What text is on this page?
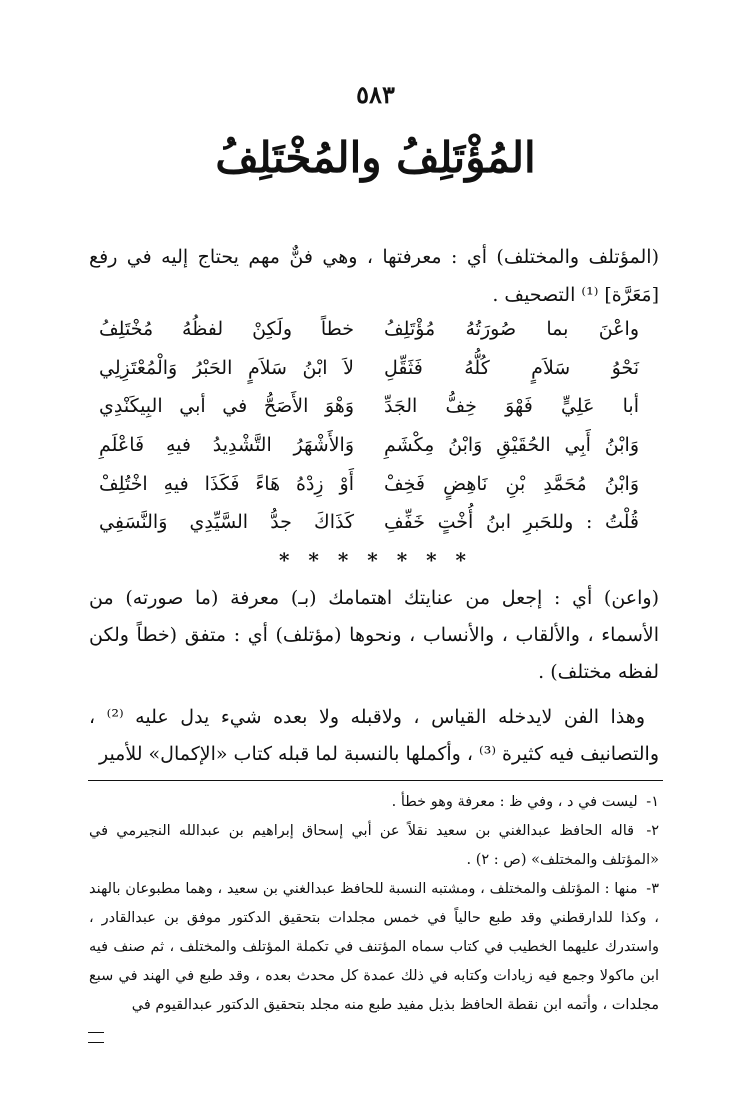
٥٨٣
المُؤْتَلِفُ والمُخْتَلِفُ
(المؤتلف والمختلف) أي : معرفتها ، وهي فنٌّ مهم يحتاج إليه في رفع [مَعَرَّة] ⁽¹⁾ التصحيف .
واعْنَ بما صُورَتُهُ مُؤْتَلِفُ
خطاً ولَكِنْ لفظُهُ مُخْتَلِفُ
نَحْوُ سَلاَمٍ كُلُّهُ فَثَقِّلِ
لاَ ابْنُ سَلاَمٍ الحَبْرُ وَالْمُعْتَزِلِي
أبا عَلِيٍّ فَهْوَ خِفُّ الجَدِّ
وَهْوَ الأَصَحُّ في أبي البِيكَنْدِي
وَابْنُ أَبِي الحُقَيْقِ وَابْنُ مِكْشَمِ
وَالأَشْهَرُ التَّشْدِيدُ فيهِ فَاعْلَمِ
وَابْنُ مُحَمَّدِ بْنِ نَاهِضٍ فَخِفْ
أَوْ زِدْهُ هَاءً فَكَذَا فيهِ اخْتُلِفْ
قُلْتُ : وللحَبرِ ابنُ أُخْتٍ خَفِّفِ
كَذَاكَ جدُّ السَّيِّدِي وَالنَّسَفِي
* * * * * * *

(واعن) أي : إجعل من عنايتك اهتمامك (بـ) معرفة (ما صورته) من الأسماء ، والألقاب ، والأنساب ، ونحوها (مؤتلف) أي : متفق (خطاً ولكن لفظه مختلف) .

وهذا الفن لايدخله القياس ، ولاقبله ولا بعده شيء يدل عليه ⁽²⁾ ، والتصانيف فيه كثيرة ⁽³⁾ ، وأكملها بالنسبة لما قبله كتاب «الإكمال» للأمير

١- ليست في د ، وفي ظ : معرفة وهو خطأ .

٢- قاله الحافظ عبدالغني بن سعيد نقلاً عن أبي إسحاق إبراهيم بن عبدالله النجيرمي في «المؤتلف والمختلف» (ص : ٢) .

٣- منها : المؤتلف والمختلف ، ومشتبه النسبة للحافظ عبدالغني بن سعيد ، وهما مطبوعان بالهند ، وكذا للدارقطني وقد طبع حالياً في خمس مجلدات بتحقيق الدكتور موفق بن عبدالقادر ، واستدرك عليهما الخطيب في كتاب سماه المؤتنف في تكملة المؤتلف والمختلف ، ثم صنف فيه ابن ماكولا وجمع فيه زيادات وكتابه في ذلك عمدة كل محدث بعده ، وقد طبع في الهند في سبع مجلدات ، وأتمه ابن نقطة الحافظ بذيل مفيد طبع منه مجلد بتحقيق الدكتور عبدالقيوم في
